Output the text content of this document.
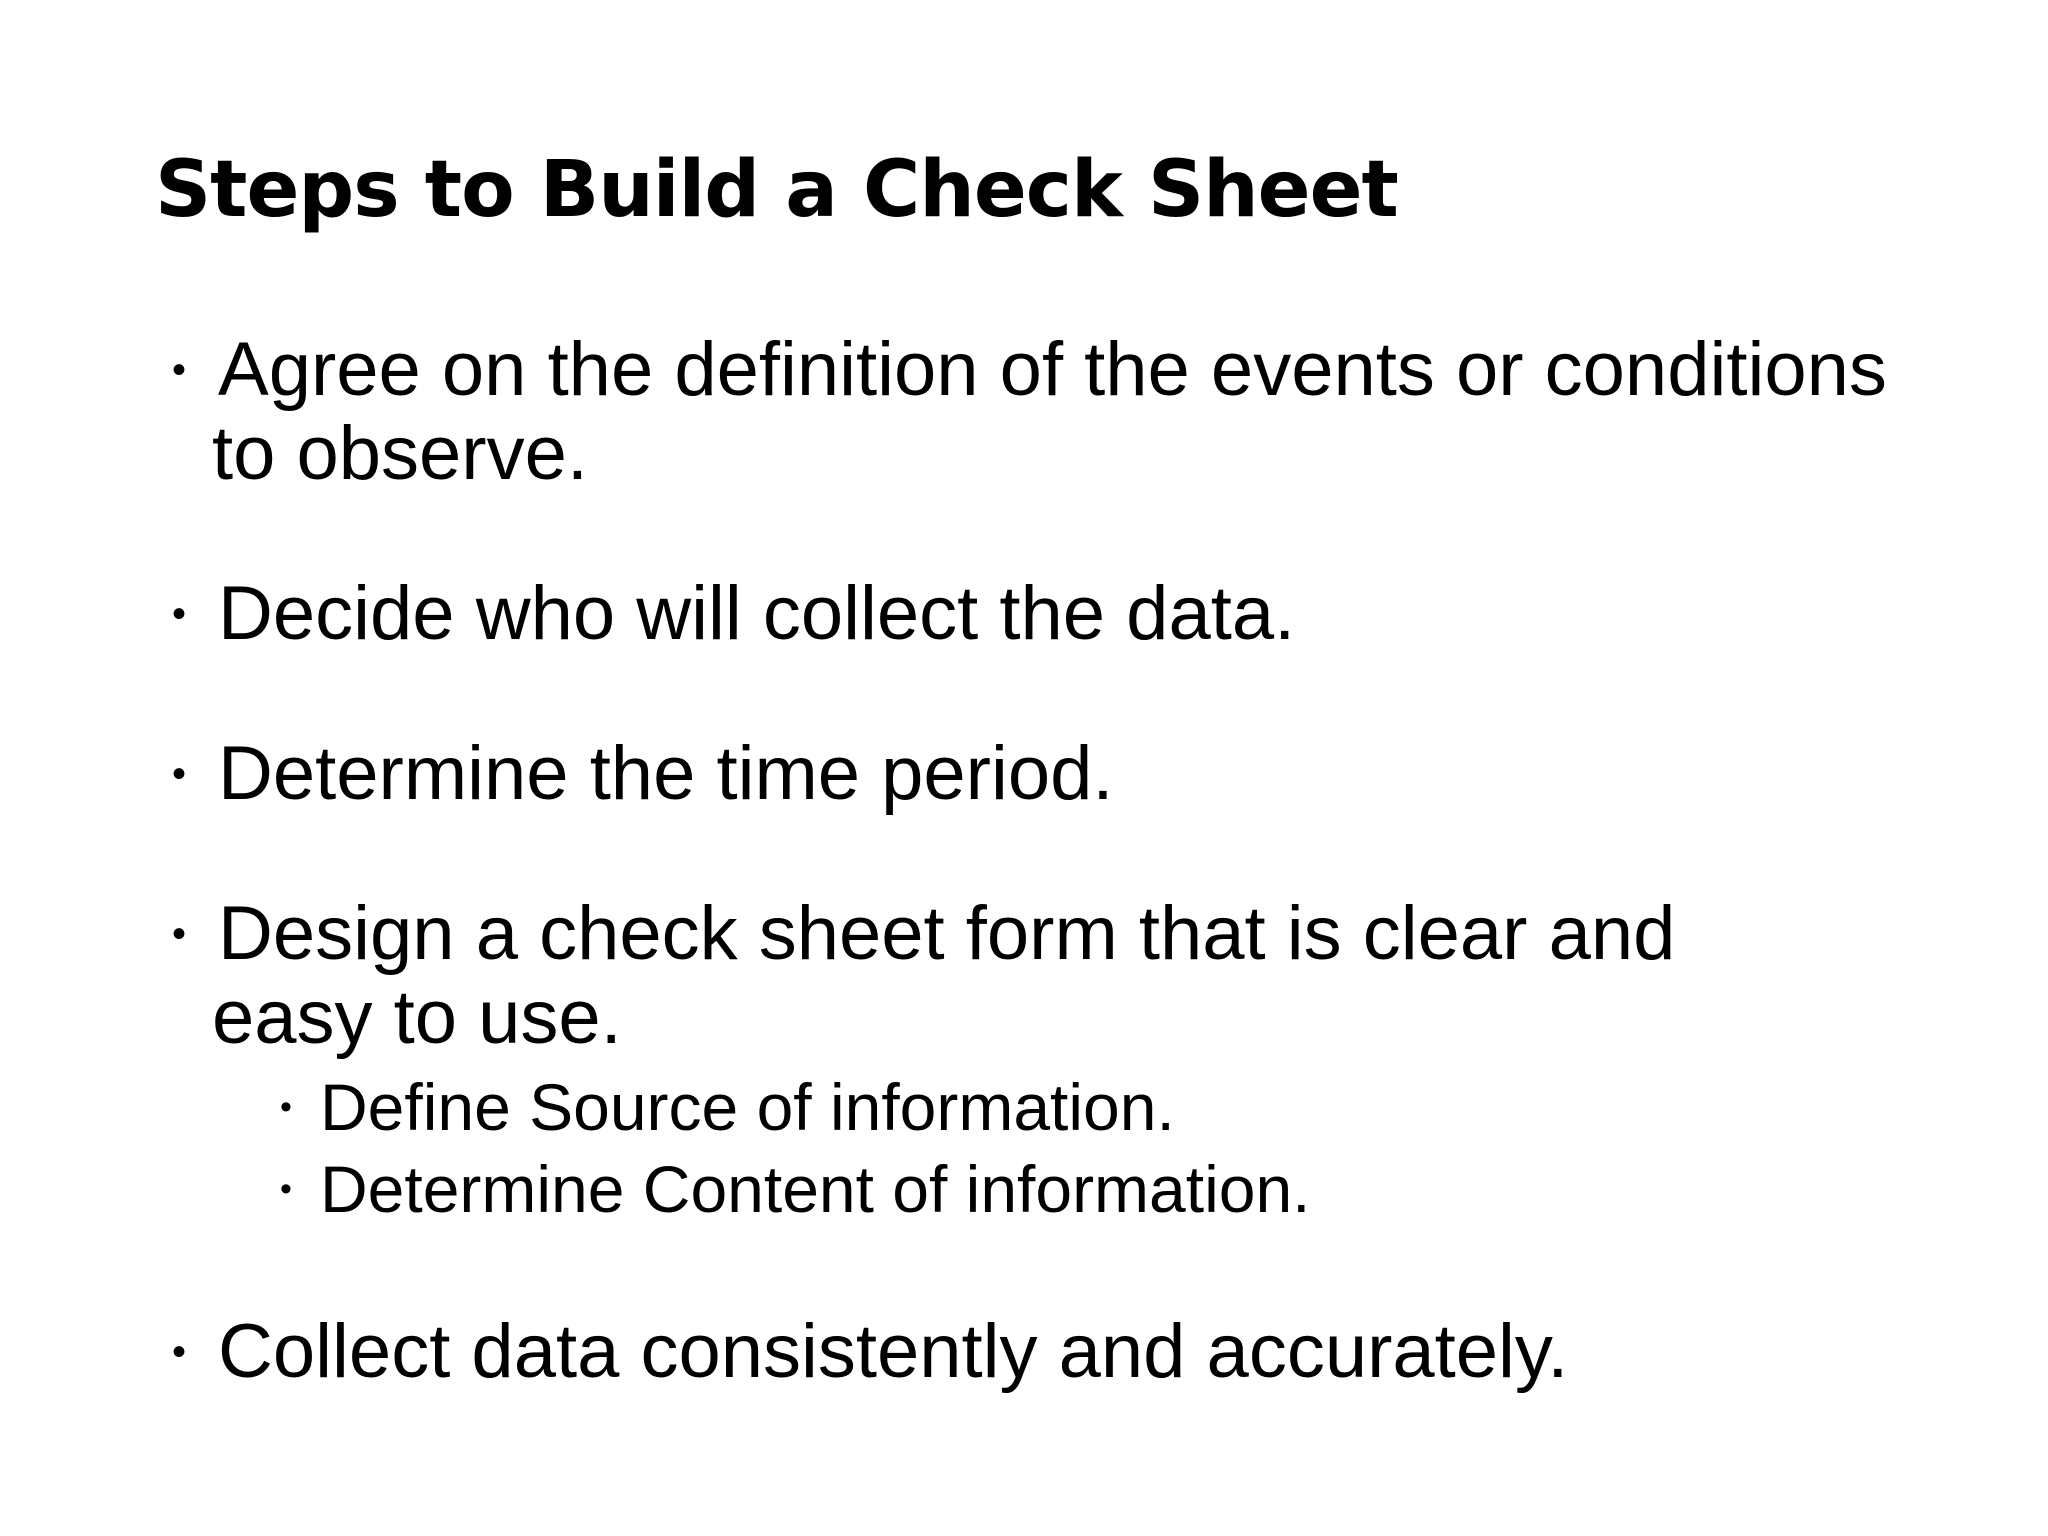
Steps to Build a Check Sheet
• Agree on the definition of the events or conditions
to observe.
• Decide who will collect the data.
• Determine the time period.
• Design a check sheet form that is clear and
easy to use.
• Define Source of information.
• Determine Content of information.
• Collect data consistently and accurately.
